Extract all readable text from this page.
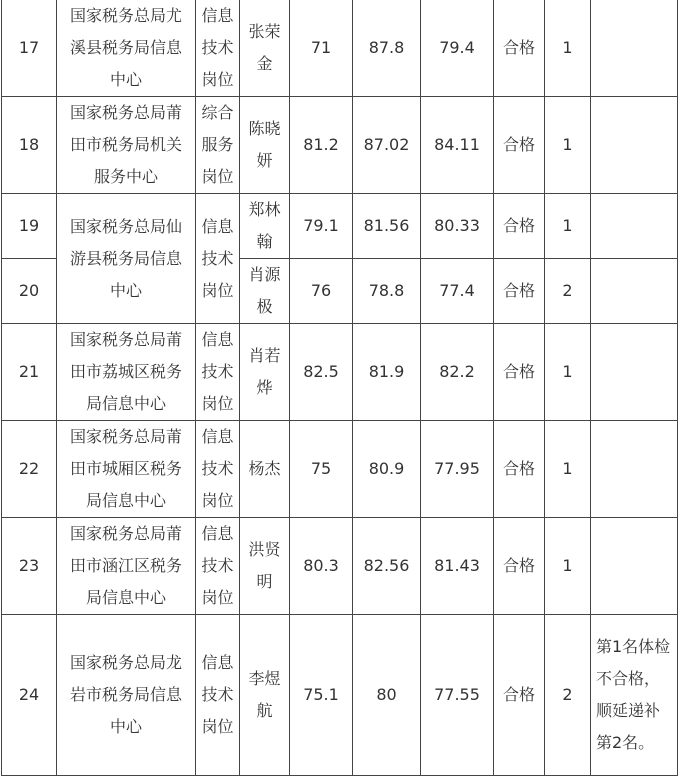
17	国家税务总局尤溪县税务局信息中心	信息技术岗位	张荣金	71	87.8	79.4	合格	1	
18	国家税务总局莆田市税务局机关服务中心	综合服务岗位	陈晓妍	81.2	87.02	84.11	合格	1	
19	国家税务总局仙游县税务局信息中心	信息技术岗位	郑林翰	79.1	81.56	80.33	合格	1	
20			肖源极	76	78.8	77.4	合格	2	
21	国家税务总局莆田市荔城区税务局信息中心	信息技术岗位	肖若烨	82.5	81.9	82.2	合格	1	
22	国家税务总局莆田市城厢区税务局信息中心	信息技术岗位	杨杰	75	80.9	77.95	合格	1	
23	国家税务总局莆田市涵江区税务局信息中心	信息技术岗位	洪贤明	80.3	82.56	81.43	合格	1	
24	国家税务总局龙岩市税务局信息中心	信息技术岗位	李煜航	75.1	80	77.55	合格	2	第1名体检不合格，顺延递补第2名。
